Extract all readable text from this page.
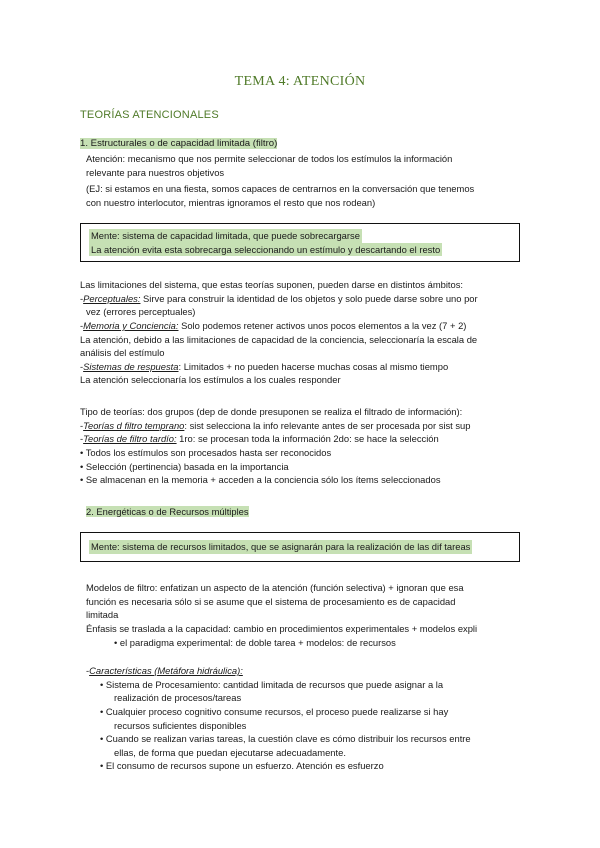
TEMA 4: ATENCIÓN
TEORÍAS ATENCIONALES
1. Estructurales o de capacidad limitada (filtro)
Atención: mecanismo que nos permite seleccionar de todos los estímulos la información
relevante para nuestros objetivos
(EJ: si estamos en una fiesta, somos capaces de centrarnos en la conversación que tenemos
con nuestro interlocutor, mientras ignoramos el resto que nos rodean)
Mente: sistema de capacidad limitada, que puede sobrecargarse
La atención evita esta sobrecarga seleccionando un estímulo y descartando el resto
Las limitaciones del sistema, que estas teorías suponen, pueden darse en distintos ámbitos:
-Perceptuales: Sirve para construir la identidad de los objetos y solo puede darse sobre uno por
vez (errores perceptuales)
-Memoria y Conciencia: Solo podemos retener activos unos pocos elementos a la vez (7 + 2)
La atención, debido a las limitaciones de capacidad de la conciencia, seleccionaría la escala de
análisis del estímulo
-Sistemas de respuesta: Limitados + no pueden hacerse muchas cosas al mismo tiempo
La atención seleccionaría los estímulos a los cuales responder
Tipo de teorías: dos grupos (dep de donde presuponen se realiza el filtrado de información):
-Teorías d filtro temprano: sist selecciona la info relevante antes de ser procesada por sist sup
-Teorías de filtro tardío: 1ro: se procesan toda la información 2do: se hace la selección
• Todos los estímulos son procesados hasta ser reconocidos
• Selección (pertinencia) basada en la importancia
• Se almacenan en la memoria + acceden a la conciencia sólo los ítems seleccionados
2. Energéticas o de Recursos múltiples
Mente: sistema de recursos limitados, que se asignarán para la realización de las dif tareas
Modelos de filtro: enfatizan un aspecto de la atención (función selectiva) + ignoran que esa
función es necesaria sólo si se asume que el sistema de procesamiento es de capacidad
limitada
Énfasis se traslada a la capacidad: cambio en procedimientos experimentales + modelos expli
• el paradigma experimental: de doble tarea + modelos: de recursos
-Características (Metáfora hidráulica):
• Sistema de Procesamiento: cantidad limitada de recursos que puede asignar a la
realización de procesos/tareas
• Cualquier proceso cognitivo consume recursos, el proceso puede realizarse si hay
recursos suficientes disponibles
• Cuando se realizan varias tareas, la cuestión clave es cómo distribuir los recursos entre
ellas, de forma que puedan ejecutarse adecuadamente.
• El consumo de recursos supone un esfuerzo. Atención es esfuerzo
